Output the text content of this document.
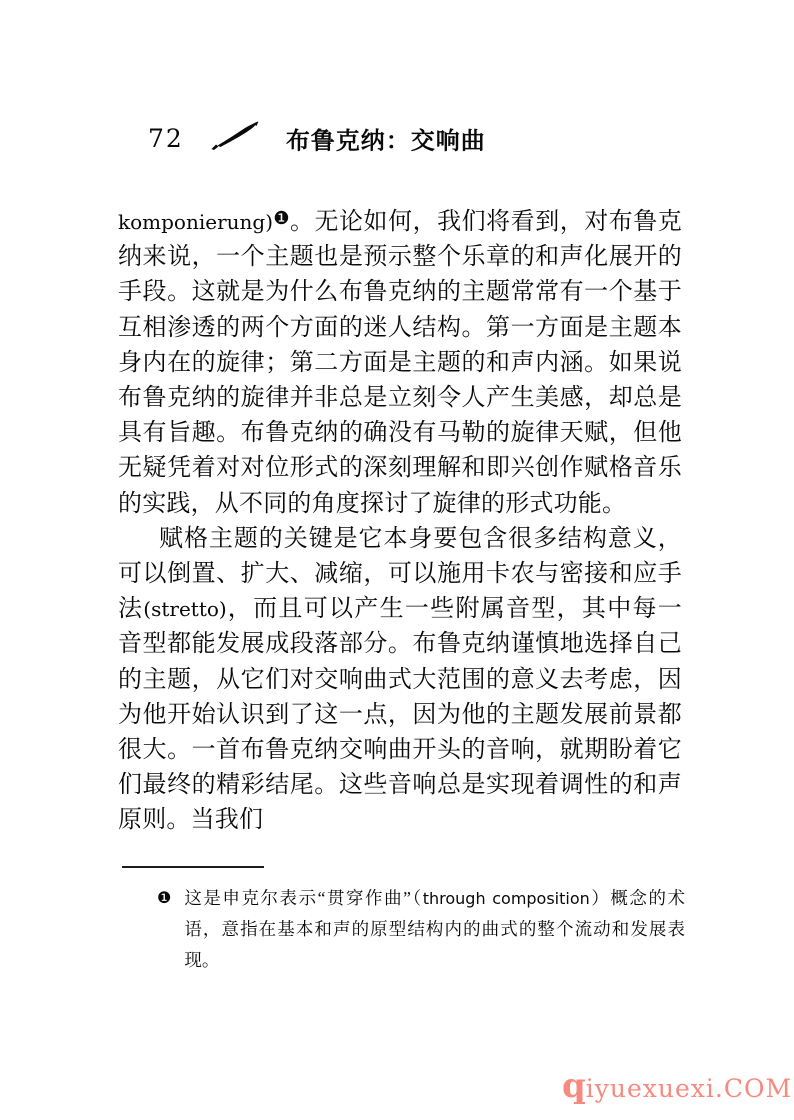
72	布鲁克纳：交响曲

komponierung)$^❶$。无论如何，我们将看到，对布鲁克纳来说，一个主题也是预示整个乐章的和声化展开的手段。这就是为什么布鲁克纳的主题常常有一个基于互相渗透的两个方面的迷人结构。第一方面是主题本身内在的旋律；第二方面是主题的和声内涵。如果说布鲁克纳的旋律并非总是立刻令人产生美感，却总是具有旨趣。布鲁克纳的确没有马勒的旋律天赋，但他无疑凭着对对位形式的深刻理解和即兴创作赋格音乐的实践，从不同的角度探讨了旋律的形式功能。

赋格主题的关键是它本身要包含很多结构意义，可以倒置、扩大、减缩，可以施用卡农与密接和应手法(stretto)，而且可以产生一些附属音型，其中每一音型都能发展成段落部分。布鲁克纳谨慎地选择自己的主题，从它们对交响曲式大范围的意义去考虑，因为他开始认识到了这一点，因为他的主题发展前景都很大。一首布鲁克纳交响曲开头的音响，就期盼着它们最终的精彩结尾。这些音响总是实现着调性的和声原则。当我们

❶ 这是申克尔表示“贯穿作曲”（through composition）概念的术语，意指在基本和声的原型结构内的曲式的整个流动和发展表现。
qiyuexuexi.COM
